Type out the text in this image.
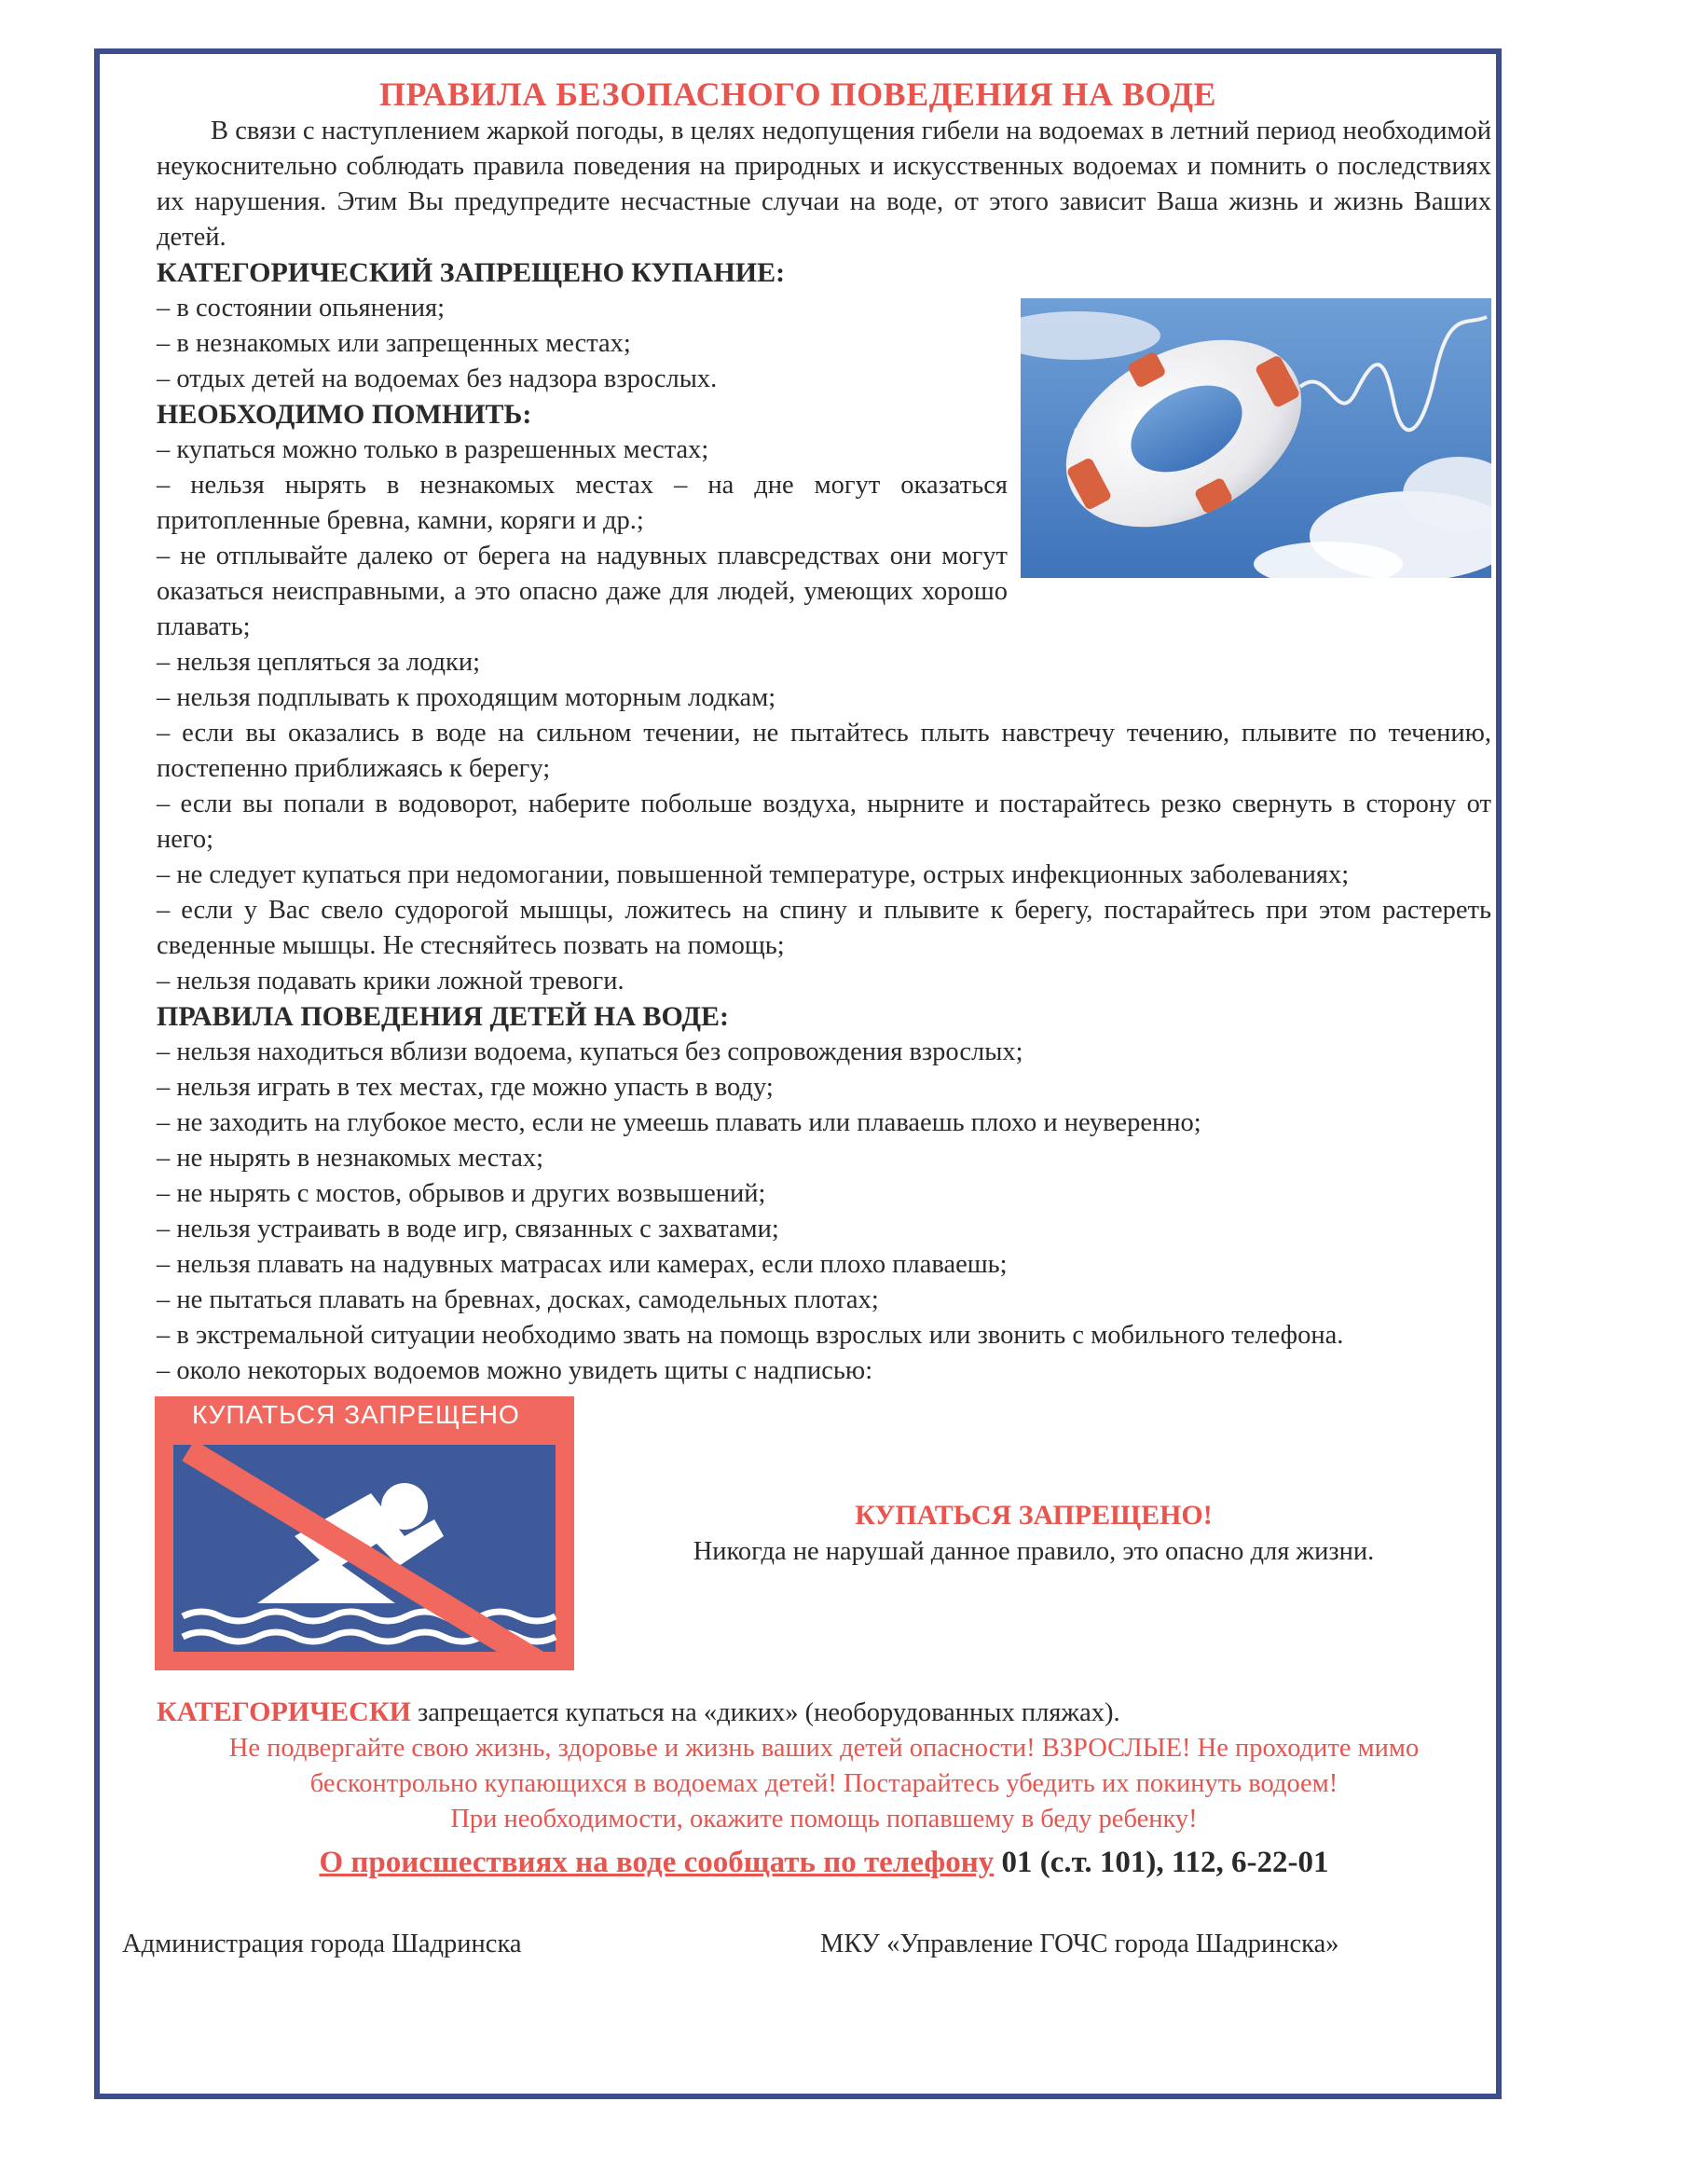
ПРАВИЛА БЕЗОПАСНОГО ПОВЕДЕНИЯ НА ВОДЕ

В связи с наступлением жаркой погоды, в целях недопущения гибели на водоемах в летний период необходимой неукоснительно соблюдать правила поведения на природных и искусственных водоемах и помнить о последствиях их нарушения. Этим Вы предупредите несчастные случаи на воде, от этого зависит Ваша жизнь и жизнь Ваших детей.

КАТЕГОРИЧЕСКИЙ ЗАПРЕЩЕНО КУПАНИЕ:
– в состоянии опьянения;
– в незнакомых или запрещенных местах;
– отдых детей на водоемах без надзора взрослых.
НЕОБХОДИМО ПОМНИТЬ:
– купаться можно только в разрешенных местах;
– нельзя нырять в незнакомых местах – на дне могут оказаться притопленные бревна, камни, коряги и др.;
– не отплывайте далеко от берега на надувных плавсредствах они могут оказаться неисправными, а это опасно даже для людей, умеющих хорошо плавать;
– нельзя цепляться за лодки;
– нельзя подплывать к проходящим моторным лодкам;
– если вы оказались в воде на сильном течении, не пытайтесь плыть навстречу течению, плывите по течению, постепенно приближаясь к берегу;
– если вы попали в водоворот, наберите побольше воздуха, нырните и постарайтесь резко свернуть в сторону от него;
– не следует купаться при недомогании, повышенной температуре, острых инфекционных заболеваниях;
– если у Вас свело судорогой мышцы, ложитесь на спину и плывите к берегу, постарайтесь при этом растереть сведенные мышцы. Не стесняйтесь позвать на помощь;
– нельзя подавать крики ложной тревоги.
ПРАВИЛА ПОВЕДЕНИЯ ДЕТЕЙ НА ВОДЕ:
– нельзя находиться вблизи водоема, купаться без сопровождения взрослых;
– нельзя играть в тех местах, где можно упасть в воду;
– не заходить на глубокое место, если не умеешь плавать или плаваешь плохо и неуверенно;
– не нырять в незнакомых местах;
– не нырять с мостов, обрывов и других возвышений;
– нельзя устраивать в воде игр, связанных с захватами;
– нельзя плавать на надувных матрасах или камерах, если плохо плаваешь;
– не пытаться плавать на бревнах, досках, самодельных плотах;
– в экстремальной ситуации необходимо звать на помощь взрослых или звонить с мобильного телефона.
– около некоторых водоемов можно увидеть щиты с надписью:
КУПАТЬСЯ ЗАПРЕЩЕНО
КУПАТЬСЯ ЗАПРЕЩЕНО!
Никогда не нарушай данное правило, это опасно для жизни.

КАТЕГОРИЧЕСКИ запрещается купаться на «диких» (необорудованных пляжах).

Не подвергайте свою жизнь, здоровье и жизнь ваших детей опасности! ВЗРОСЛЫЕ! Не проходите мимо бесконтрольно купающихся в водоемах детей! Постарайтесь убедить их покинуть водоем!

При необходимости, окажите помощь попавшему в беду ребенку!

О происшествиях на воде сообщать по телефону 01 (с.т. 101), 112, 6-22-01

Администрация города Шадринска	МКУ «Управление ГОЧС города Шадринска»
